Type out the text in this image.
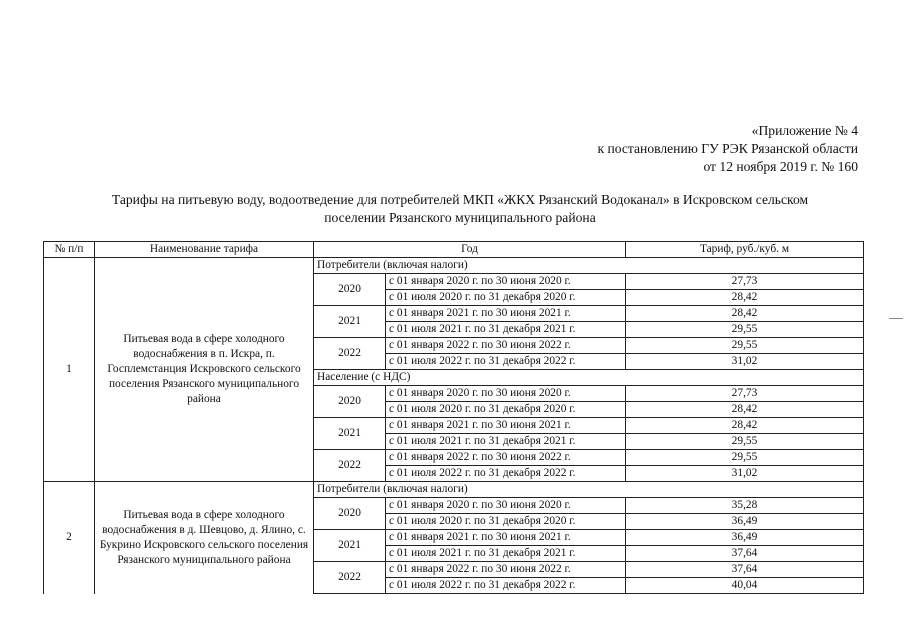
«Приложение № 4
к постановлению ГУ РЭК Рязанской области
от 12 ноября 2019 г. № 160
Тарифы на питьевую воду, водоотведение для потребителей МКП «ЖКХ Рязанский Водоканал» в Искровском сельском
поселении Рязанского муниципального района
№ п/п	Наименование тарифа	Год		Тариф, руб./куб. м
1	Питьевая вода в сфере холодного водоснабжения в п. Искра, п. Госплемстанция Искровского сельского поселения Рязанского муниципального района	Потребители (включая налоги)		
		2020	с 01 января 2020 г. по 30 июня 2020 г.	27,73
			с 01 июля 2020 г. по 31 декабря 2020 г.	28,42
		2021	с 01 января 2021 г. по 30 июня 2021 г.	28,42
			с 01 июля 2021 г. по 31 декабря 2021 г.	29,55
		2022	с 01 января 2022 г. по 30 июня 2022 г.	29,55
			с 01 июля 2022 г. по 31 декабря 2022 г.	31,02
		Население (с НДС)		
		2020	с 01 января 2020 г. по 30 июня 2020 г.	27,73
			с 01 июля 2020 г. по 31 декабря 2020 г.	28,42
		2021	с 01 января 2021 г. по 30 июня 2021 г.	28,42
			с 01 июля 2021 г. по 31 декабря 2021 г.	29,55
		2022	с 01 января 2022 г. по 30 июня 2022 г.	29,55
			с 01 июля 2022 г. по 31 декабря 2022 г.	31,02
2	Питьевая вода в сфере холодного водоснабжения в д. Шевцово, д. Ялино, с. Букрино Искровского сельского поселения Рязанского муниципального района	Потребители (включая налоги)		
		2020	с 01 января 2020 г. по 30 июня 2020 г.	35,28
			с 01 июля 2020 г. по 31 декабря 2020 г.	36,49
		2021	с 01 января 2021 г. по 30 июня 2021 г.	36,49
			с 01 июля 2021 г. по 31 декабря 2021 г.	37,64
		2022	с 01 января 2022 г. по 30 июня 2022 г.	37,64
			с 01 июля 2022 г. по 31 декабря 2022 г.	40,04
